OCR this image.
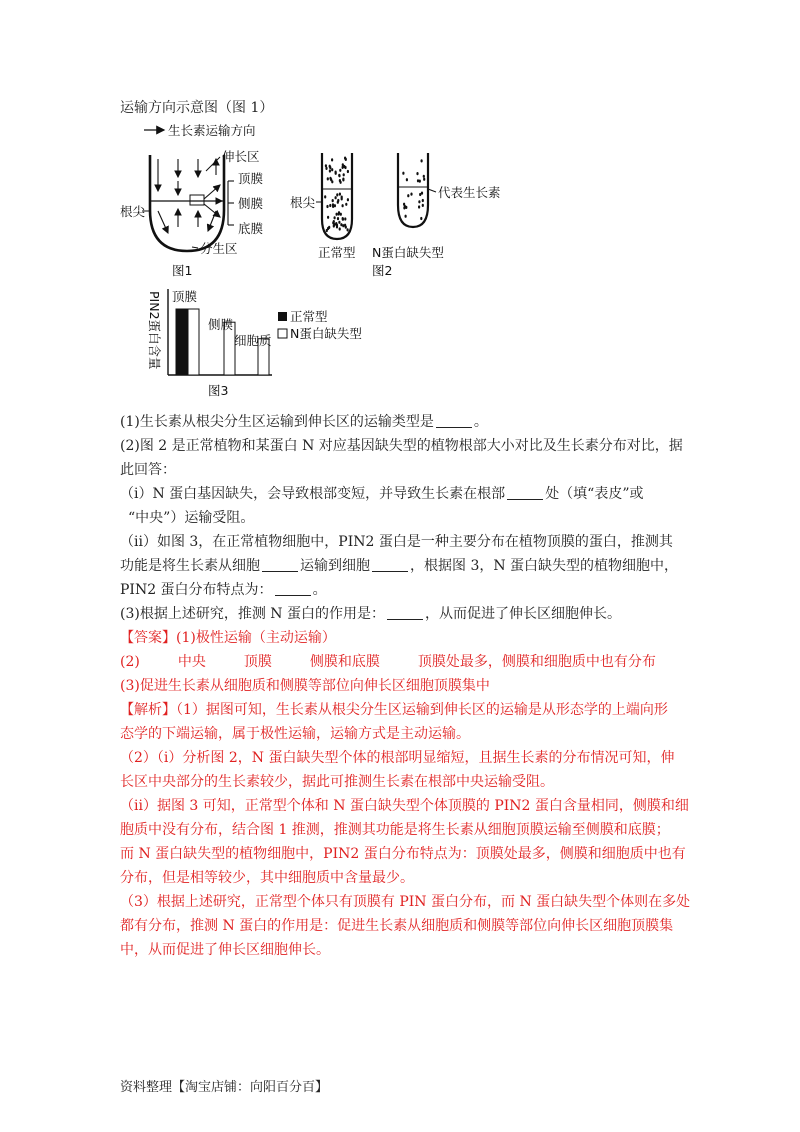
运输方向示意图（图 1）
生长素运输方向
伸长区
根尖
分生区
顶膜
侧膜
底膜
图1
根尖
代表生长素
正常型 N蛋白缺失型
图2
PIN2蛋白含量 顶膜
侧膜
细胞质
正常型
N蛋白缺失型
图3
(1)生长素从根尖分生区运输到伸长区的运输类型是	。
(2)图 2 是正常植物和某蛋白 N 对应基因缺失型的植物根部大小对比及生长素分布对比，据
此回答：
（i）N 蛋白基因缺失，会导致根部变短，并导致生长素在根部	处（填“表皮”或
“中央”）运输受阻。
（ii）如图 3，在正常植物细胞中，PIN2 蛋白是一种主要分布在植物顶膜的蛋白，推测其
功能是将生长素从细胞	运输到细胞	，根据图 3，N 蛋白缺失型的植物细胞中，
PIN2 蛋白分布特点为：	。
(3)根据上述研究，推测 N 蛋白的作用是：	，从而促进了伸长区细胞伸长。
【答案】(1)极性运输（主动运输）
(2)	中央	顶膜	侧膜和底膜	顶膜处最多，侧膜和细胞质中也有分布
(3)促进生长素从细胞质和侧膜等部位向伸长区细胞顶膜集中
【解析】（1）据图可知，生长素从根尖分生区运输到伸长区的运输是从形态学的上端向形
态学的下端运输，属于极性运输，运输方式是主动运输。
（2）（i）分析图 2，N 蛋白缺失型个体的根部明显缩短，且据生长素的分布情况可知，伸
长区中央部分的生长素较少，据此可推测生长素在根部中央运输受阻。
（ii）据图 3 可知，正常型个体和 N 蛋白缺失型个体顶膜的 PIN2 蛋白含量相同，侧膜和细
胞质中没有分布，结合图 1 推测，推测其功能是将生长素从细胞顶膜运输至侧膜和底膜；
而 N 蛋白缺失型的植物细胞中，PIN2 蛋白分布特点为：顶膜处最多，侧膜和细胞质中也有
分布，但是相等较少，其中细胞质中含量最少。
（3）根据上述研究，正常型个体只有顶膜有 PIN 蛋白分布，而 N 蛋白缺失型个体则在多处
都有分布，推测 N 蛋白的作用是：促进生长素从细胞质和侧膜等部位向伸长区细胞顶膜集
中，从而促进了伸长区细胞伸长。
资料整理【淘宝店铺：向阳百分百】
